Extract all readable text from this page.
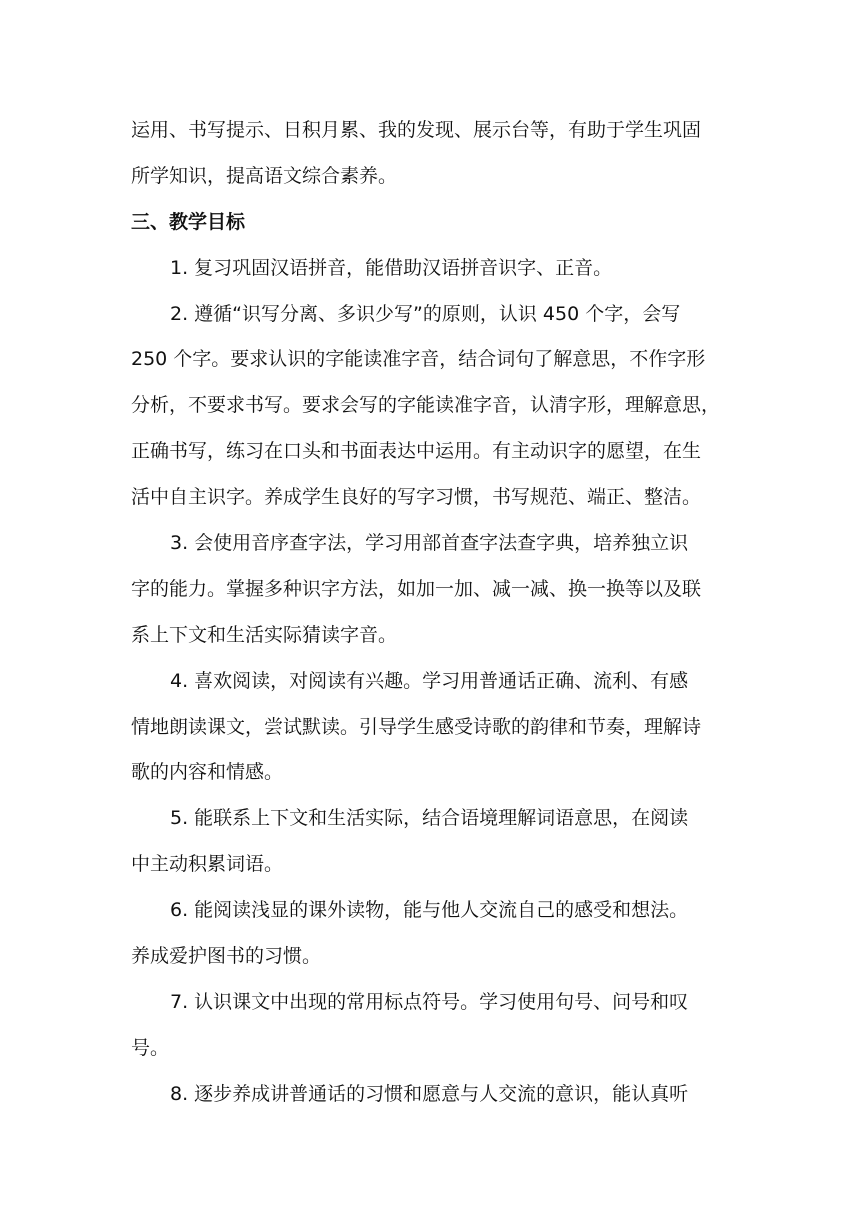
运用、书写提示、日积月累、我的发现、展示台等，有助于学生巩固
所学知识，提高语文综合素养。
三、教学目标
1. 复习巩固汉语拼音，能借助汉语拼音识字、正音。
2. 遵循“识写分离、多识少写”的原则，认识 450 个字，会写
250 个字。要求认识的字能读准字音，结合词句了解意思，不作字形
分析，不要求书写。要求会写的字能读准字音，认清字形，理解意思，
正确书写，练习在口头和书面表达中运用。有主动识字的愿望，在生
活中自主识字。养成学生良好的写字习惯，书写规范、端正、整洁。
3. 会使用音序查字法，学习用部首查字法查字典，培养独立识
字的能力。掌握多种识字方法，如加一加、减一减、换一换等以及联
系上下文和生活实际猜读字音。
4. 喜欢阅读，对阅读有兴趣。学习用普通话正确、流利、有感
情地朗读课文，尝试默读。引导学生感受诗歌的韵律和节奏，理解诗
歌的内容和情感。
5. 能联系上下文和生活实际，结合语境理解词语意思，在阅读
中主动积累词语。
6. 能阅读浅显的课外读物，能与他人交流自己的感受和想法。
养成爱护图书的习惯。
7. 认识课文中出现的常用标点符号。学习使用句号、问号和叹
号。
8. 逐步养成讲普通话的习惯和愿意与人交流的意识，能认真听
